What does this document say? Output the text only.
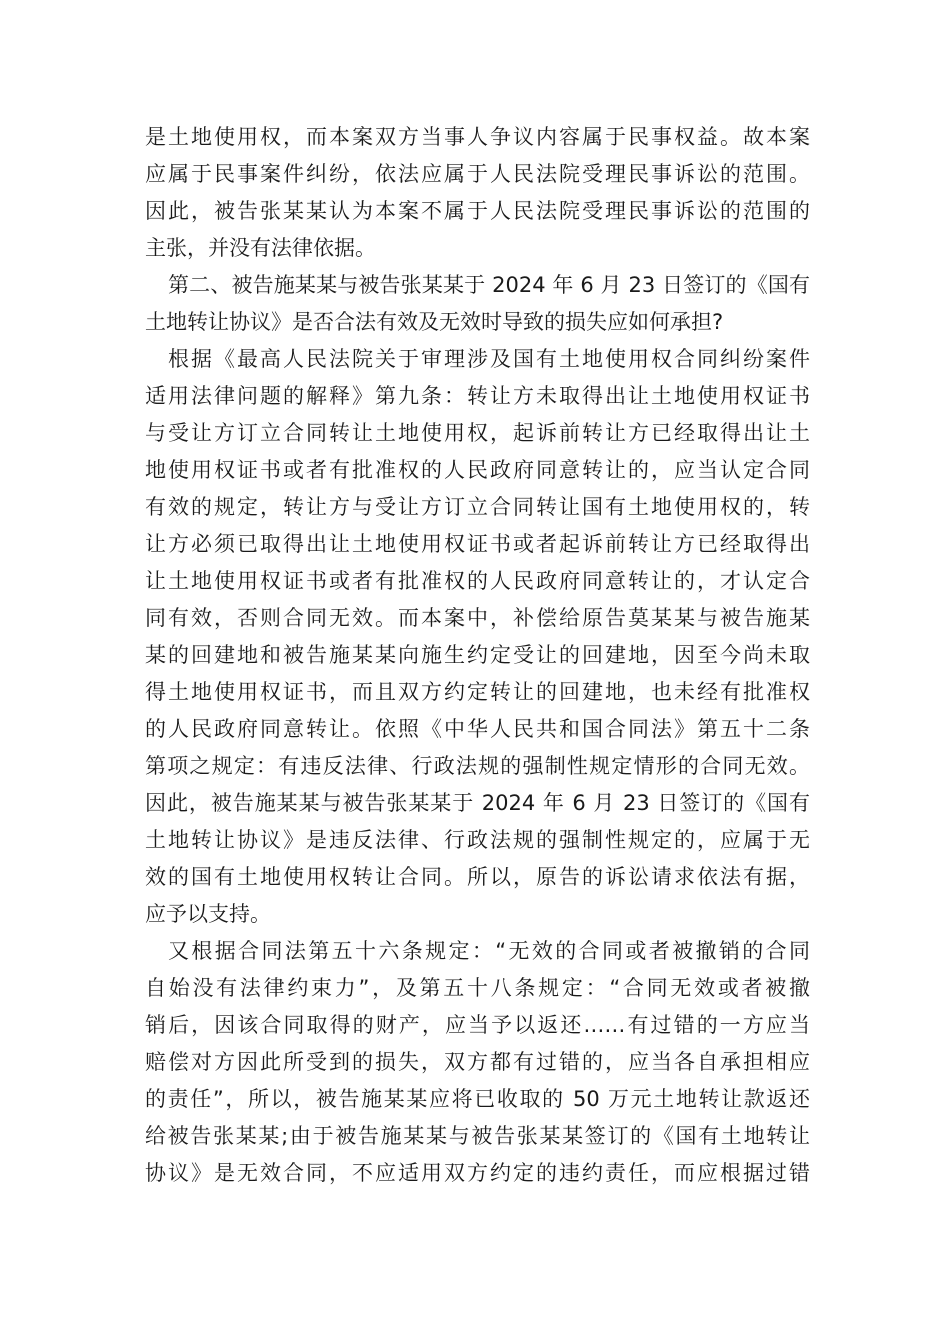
是土地使用权，而本案双方当事人争议内容属于民事权益。故本案
应属于民事案件纠纷，依法应属于人民法院受理民事诉讼的范围。
因此，被告张某某认为本案不属于人民法院受理民事诉讼的范围的
主张，并没有法律依据。
第二、被告施某某与被告张某某于 2024 年 6 月 23 日签订的《国有
土地转让协议》是否合法有效及无效时导致的损失应如何承担?
根据《最高人民法院关于审理涉及国有土地使用权合同纠纷案件
适用法律问题的解释》第九条：转让方未取得出让土地使用权证书
与受让方订立合同转让土地使用权，起诉前转让方已经取得出让土
地使用权证书或者有批准权的人民政府同意转让的，应当认定合同
有效的规定，转让方与受让方订立合同转让国有土地使用权的，转
让方必须已取得出让土地使用权证书或者起诉前转让方已经取得出
让土地使用权证书或者有批准权的人民政府同意转让的，才认定合
同有效，否则合同无效。而本案中，补偿给原告莫某某与被告施某
某的回建地和被告施某某向施生约定受让的回建地，因至今尚未取
得土地使用权证书，而且双方约定转让的回建地，也未经有批准权
的人民政府同意转让。依照《中华人民共和国合同法》第五十二条
第项之规定：有违反法律、行政法规的强制性规定情形的合同无效。
因此，被告施某某与被告张某某于 2024 年 6 月 23 日签订的《国有
土地转让协议》是违反法律、行政法规的强制性规定的，应属于无
效的国有土地使用权转让合同。所以，原告的诉讼请求依法有据，
应予以支持。
又根据合同法第五十六条规定：“无效的合同或者被撤销的合同
自始没有法律约束力”，及第五十八条规定：“合同无效或者被撤
销后，因该合同取得的财产，应当予以返还……有过错的一方应当
赔偿对方因此所受到的损失，双方都有过错的，应当各自承担相应
的责任”，所以，被告施某某应将已收取的 50 万元土地转让款返还
给被告张某某;由于被告施某某与被告张某某签订的《国有土地转让
协议》是无效合同，不应适用双方约定的违约责任，而应根据过错
